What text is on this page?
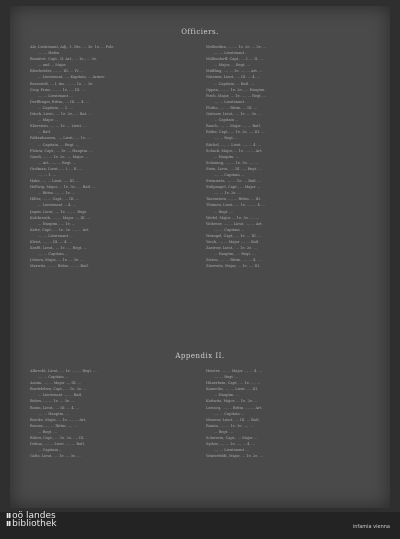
Officiers.
Ale, Lieutenant, Adj., 1. Div., ... 3e. 1e. ... Pole
..., ... Hafen
Beaufort, Capt., II. Art., ... 1e., ... 3e.
... und ... Major
Bleichröder, ..., ... III. ... IV. ...
... Lieutenant, ..., Kapitain, ... Armee
Bornstedt, ... I. Ins. ..., ... 1e. ... 3e.
Croy, Prinz, ..., ... 1e. ..., III. ...
..., ... Lieutenant ...
Derfflinger, Rittm., ... III. ... 4. ...
... Capitain, ... 1. ...
Dürck, Lieut., ... 1e. 2e., ... Bat. ...
... Major ...
Eberstein, ..., ... 1e. ... Lieut. ...
... Batl.
Falkenhausen, ..., Lieut., ... 1e. ...
... Capitain, ... Regt. ...
Flotow, Capt., ... 1e. ... Hauptm. ...
Gaudi, ..., ... 1e. 2e. ..., Major ...
... Art., ..., ... Regt. ...
Grolman, Lieut., ... I. ... II. ...
..., ... 1. ...
Hake, ..., ... Lieut. ..., III. ...
Hellwig, Major, ... 1e. 3e., ... Batl. ...
... Rittm. ..., ... 1e. ...
Hiller, ..., ... Capt., ... III. ...
... Lieutenant ... 4. ...
Jagow, Lieut., ... 1e. ..., ... Regt.
Kalckreuth, ..., ... Major ..., III. ...
... Hauptm., ... 1e. ...
Katte, Capt., ... 1e. 2e. ..., ... Art.
..., ... Lieutenant ...
Kleist, ..., ... III. ... 4. ...
Krafft, Lieut., ... 1e. ..., Regt. ...
..., ... Capitain ...
Lützow, Major, ... 1e. ... 3e. ...
Marwitz, ..., ... Rittm. ..., ... Batl.
Mellenthin, ..., ... 1e. 2e. ... 3e. ...
..., ... Lieutenant ...
Möllendorff, Capt., ... I. ... II. ...
... Major, ... Regt. ...
Müffling, ..., ... 1e. ..., ... Art. ...
Natzmer, Lieut., ... III. ... 4. ...
... Capitain, ... Batl. ...
Oppen, ..., ... 1e. 2e., ... Hauptm.
Pirch, Major, ... 1e. ..., ... Regt. ...
..., ... Lieutenant ...
Plotho, ..., ... Rittm. ... III. ...
Quitzow, Lieut., ... 1e. ... 3e. ...
... Capitain ...
Rauch, ..., ... Major ..., ... Batl.
Röder, Capt., ... 1e. 2e. ..., III. ...
..., ... Regt. ...
Rüchel, ..., ... Lieut. ..., ... 4. ...
Schack, Major, ... 1e. ..., ... Art.
... Hauptm. ...
Schöning, ..., ... 1e. 3e. ..., ...
Stein, Lieut., ... III. ..., Regt. ...
..., ... Capitain ...
Steinmetz, ..., ... 1e. ... Batl. ...
Stülpnagel, Capt., ... Major ...
..., ... 1e. 2e. ...
Tauentzien, ..., ... Rittm. ... III.
Thümen, Lieut., ... 1e. ..., ... 4. ...
... Regt. ...
Wedel, Major, ... 1e. 3e. ..., ...
Wobeser, ..., ... Lieut. ..., ... Art.
..., ... Capitain ...
Wrangel, Capt., ... 1e. ... III. ...
Yorck, ..., ... Major ..., ... Batl.
Zastrow, Lieut., ... 1e. 2e. ...
... Hauptm., ... Regt. ...
Zieten, ..., ... Rittm. ..., ... 4. ...
Zitzewitz, Major, ... 1e. ..., III.
Appendix II.
Albrecht, Lieut., ... 1e. ..., ... Regt. ...
..., ... Capitain ...
Arnim, ..., ... Major ..., III. ...
Bardeleben, Capt., ... 1e. 2e. ...
... Lieutenant ..., ... Batl.
Below, ..., ... 1e. ... 3e. ...
Bonin, Lieut., ... III. ... 4. ...
..., ... Hauptm. ...
Borcke, Major, ... 1e. ..., ... Art.
Brause, ..., ... Rittm. ..., ...
... Regt. ...
Bülow, Capt., ... 1e. 2e. ..., III.
Dohna, ..., ... Lieut. ..., ... Batl.
... Capitain ...
Goltz, Lieut., ... 1e. ... 3e. ...
Heister, ..., ... Major ..., ... 4. ...
..., ... Regt. ...
Hünerbein, Capt., ... 1e. ..., ...
Kamecke, ..., ... Lieut. ..., III.
... Hauptm. ...
Kottwitz, Major, ... 1e. 2e. ...
Lestocq, ..., ... Rittm. ..., ... Art.
..., ... Capitain ...
Massow, Lieut., ... III. ... Batl.
Ramin, ..., ... 1e. 3e. ..., ...
... Regt. ...
Schwerin, Capt., ... Major ...
Sydow, ..., ... 1e. ..., ... 4. ...
..., ... Lieutenant ...
Winterfeldt, Major, ... 1e. 2e. ...
ıı oö landes
ıı bibliothek	infamia vienna
